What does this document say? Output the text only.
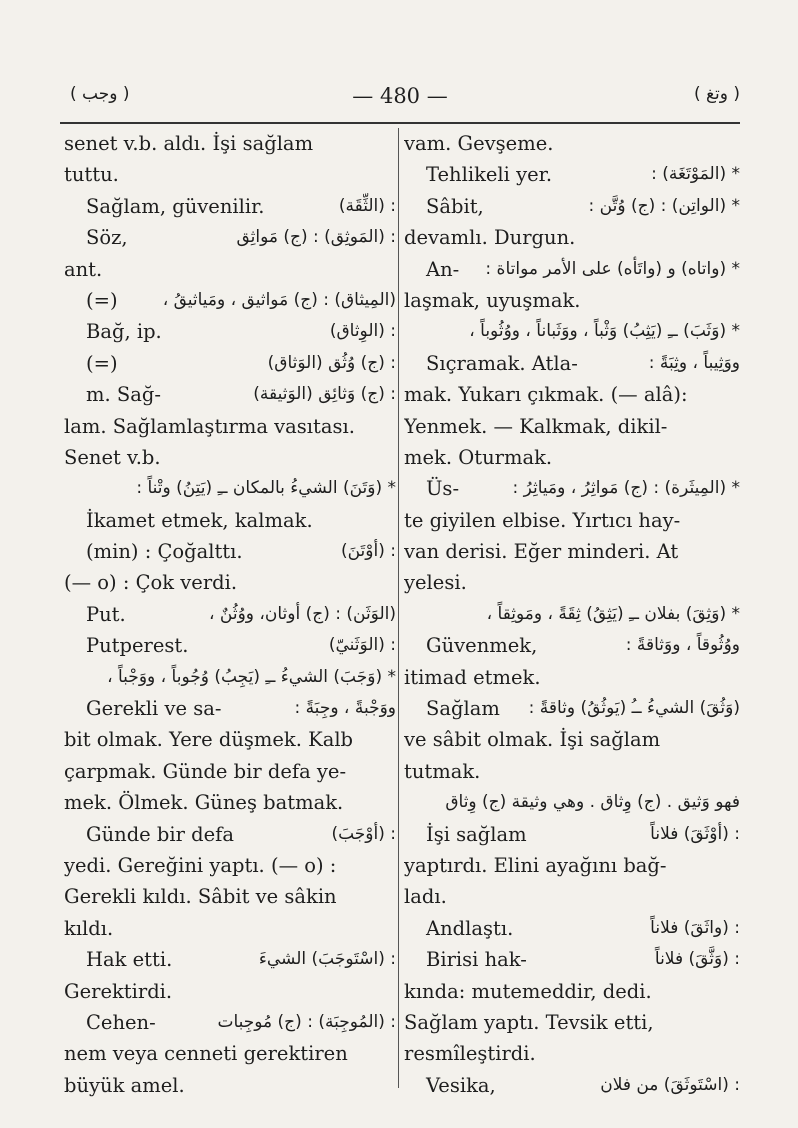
( وجب )	— 480 —	( وتغ )
senet v.b. aldı. İşi sağlam
tuttu.
Sağlam, güvenilir.	: (الثِّقَة)
Söz,	: (المَوثِق) : (ج) مَواثِق
ant.
(=)	(المِيثاق) : (ج) مَواثيق ، ومَياثيقُ ،
Bağ, ip.	: (الوِثاق)
(=)	: (ج) وُثُق (الوَثاق)
m. Sağ-	: (ج) وَثائِق (الوَثيقة)
lam. Sağlamlaştırma vasıtası.
Senet v.b.
* (وَتَنَ) الشيءُ بالمكان ــِ (يَتِنُ) وتْناً :
İkamet etmek, kalmak.
(min) : Çoğalttı.	: (أوْتَنَ)
(— o) : Çok verdi.
Put.	(الوَثَن) : (ج) أوثان، ووُثُنٌ ،
Putperest.	: (الوَثَنيّ)
* (وَجَبَ) الشيءُ ــِ (يَجِبُ) وُجُوباً ، ووَجْباً ،
Gerekli ve sa-	ووَجْبةً ، وجِبَةً :
bit olmak. Yere düşmek. Kalb
çarpmak. Günde bir defa ye-
mek. Ölmek. Güneş batmak.
Günde bir defa	: (أوْجَبَ)
yedi. Gereğini yaptı. (— o) :
Gerekli kıldı. Sâbit ve sâkin
kıldı.
Hak etti.	: (اسْتَوجَبَ) الشيءَ
Gerektirdi.
Cehen-	: (المُوجِبَة) : (ج) مُوجِبات
nem veya cenneti gerektiren
büyük amel.
vam. Gevşeme.
Tehlikeli yer.	* (المَوْتَغَة) :
Sâbit,	* (الواتِن) : (ج) وُتَّن :
devamlı. Durgun.
An- * (واتاه) و (واتَأه) على الأمر مواتاة :
laşmak, uyuşmak.
* (وَثَبَ) ــِ (يَثِبُ) وَثْباً ، ووَثَباناً ، ووُثُوباً ،
Sıçramak. Atla-	ووَثِيباً ، وثِبَةً :
mak. Yukarı çıkmak. (— alâ):
Yenmek. — Kalkmak, dikil-
mek. Oturmak.
Üs-	* (المِيثَرة) : (ج) مَواثِرُ ، ومَياثِرُ :
te giyilen elbise. Yırtıcı hay-
van derisi. Eğer minderi. At
yelesi.
* (وَثِقَ) بفلان ــِ (يَثِقُ) ثِقَةً ، ومَوثِقاً ،
Güvenmek,	ووُثُوقاً ، ووَثاقةً :
itimad etmek.
Sağlam (وَثُقَ) الشيءُ ــُ (يَوثُقُ) وثاقةً :
ve sâbit olmak. İşi sağlam
tutmak.
فهو وَثيق . (ج) وِثاق . وهي وثيقة (ج) وِثاق
İşi sağlam	: (أوْثَقَ) فلاناً
yaptırdı. Elini ayağını bağ-
ladı.
Andlaştı.	: (واثَقَ) فلاناً
Birisi hak-	: (وَثَّقَ) فلاناً
kında: mutemeddir, dedi.
Sağlam yaptı. Tevsik etti,
resmîleştirdi.
Vesika,	: (اسْتَوثَقَ) من فلان
